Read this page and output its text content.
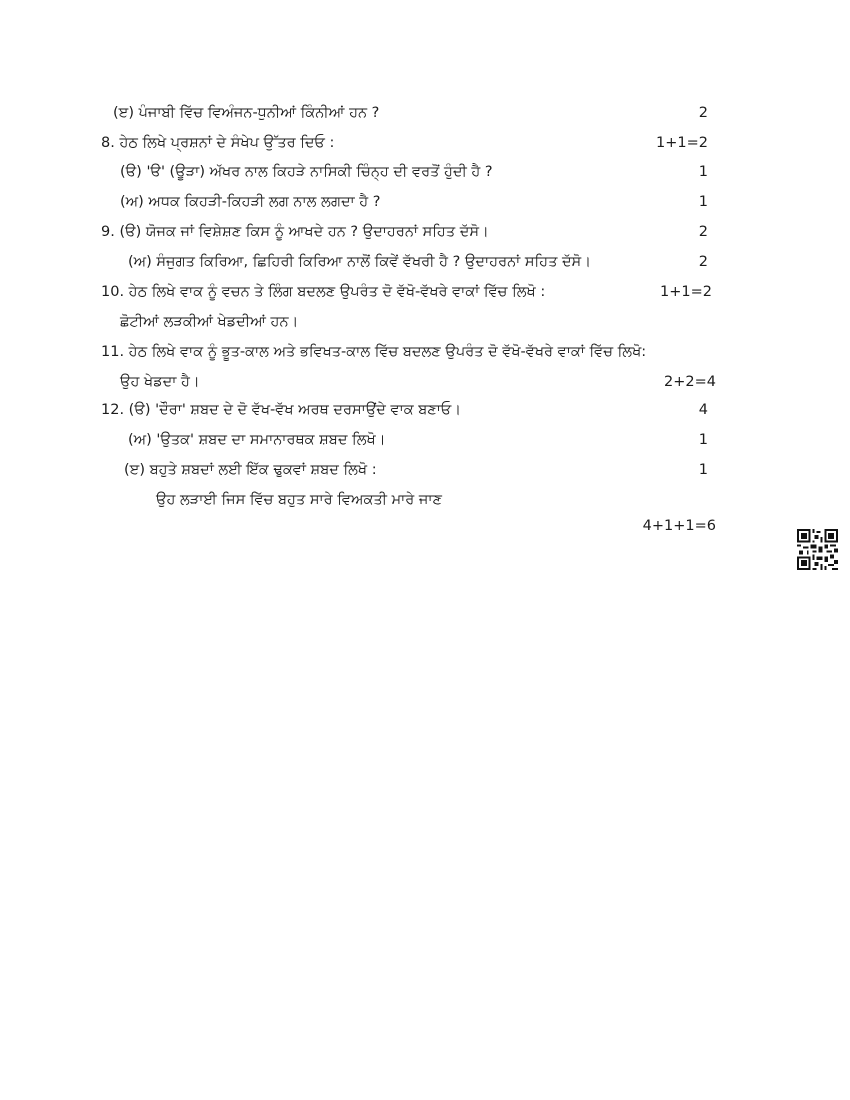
(ੲ) ਪੰਜਾਬੀ ਵਿੱਚ ਵਿਅੰਜਨ-ਧੁਨੀਆਂ ਕਿੰਨੀਆਂ ਹਨ ?	2
8. ਹੇਠ ਲਿਖੇ ਪ੍ਰਸ਼ਨਾਂ ਦੇ ਸੰਖੇਪ ਉੱਤਰ ਦਿਓ :	1+1=2
(ੳ) 'ੳ' (ਊੜਾ) ਅੱਖਰ ਨਾਲ ਕਿਹੜੇ ਨਾਸਿਕੀ ਚਿੰਨ੍ਹ ਦੀ ਵਰਤੋਂ ਹੁੰਦੀ ਹੈ ?	1
(ਅ) ਅਧਕ ਕਿਹੜੀ-ਕਿਹੜੀ ਲਗ ਨਾਲ ਲਗਦਾ ਹੈ ?	1
9. (ੳ) ਯੋਜਕ ਜਾਂ ਵਿਸ਼ੇਸ਼ਣ ਕਿਸ ਨੂੰ ਆਖਦੇ ਹਨ ? ਉਦਾਹਰਨਾਂ ਸਹਿਤ ਦੱਸੋ।	2
(ਅ) ਸੰਜੁਗਤ ਕਿਰਿਆ, ਛਿਹਿਰੀ ਕਿਰਿਆ ਨਾਲੋਂ ਕਿਵੇਂ ਵੱਖਰੀ ਹੈ ? ਉਦਾਹਰਨਾਂ ਸਹਿਤ ਦੱਸੋ।	2
10. ਹੇਠ ਲਿਖੇ ਵਾਕ ਨੂੰ ਵਚਨ ਤੇ ਲਿੰਗ ਬਦਲਣ ਉਪਰੰਤ ਦੋ ਵੱਖੋ-ਵੱਖਰੇ ਵਾਕਾਂ ਵਿੱਚ ਲਿਖੋ :	1+1=2
ਛੋਟੀਆਂ ਲੜਕੀਆਂ ਖੇਡਦੀਆਂ ਹਨ।
11. ਹੇਠ ਲਿਖੇ ਵਾਕ ਨੂੰ ਭੂਤ-ਕਾਲ ਅਤੇ ਭਵਿਖਤ-ਕਾਲ ਵਿੱਚ ਬਦਲਣ ਉਪਰੰਤ ਦੋ ਵੱਖੋ-ਵੱਖਰੇ ਵਾਕਾਂ ਵਿੱਚ ਲਿਖੋ:
ਉਹ ਖੇਡਦਾ ਹੈ।	2+2=4
12. (ੳ) 'ਦੌਰਾ' ਸ਼ਬਦ ਦੇ ਦੋ ਵੱਖ-ਵੱਖ ਅਰਥ ਦਰਸਾਉਂਦੇ ਵਾਕ ਬਣਾਓ।	4
(ਅ) 'ਉਤਕ' ਸ਼ਬਦ ਦਾ ਸਮਾਨਾਰਥਕ ਸ਼ਬਦ ਲਿਖੋ।	1
(ੲ) ਬਹੁਤੇ ਸ਼ਬਦਾਂ ਲਈ ਇੱਕ ਢੁਕਵਾਂ ਸ਼ਬਦ ਲਿਖੋ :	1
ਉਹ ਲੜਾਈ ਜਿਸ ਵਿੱਚ ਬਹੁਤ ਸਾਰੇ ਵਿਅਕਤੀ ਮਾਰੇ ਜਾਣ
4+1+1=6
